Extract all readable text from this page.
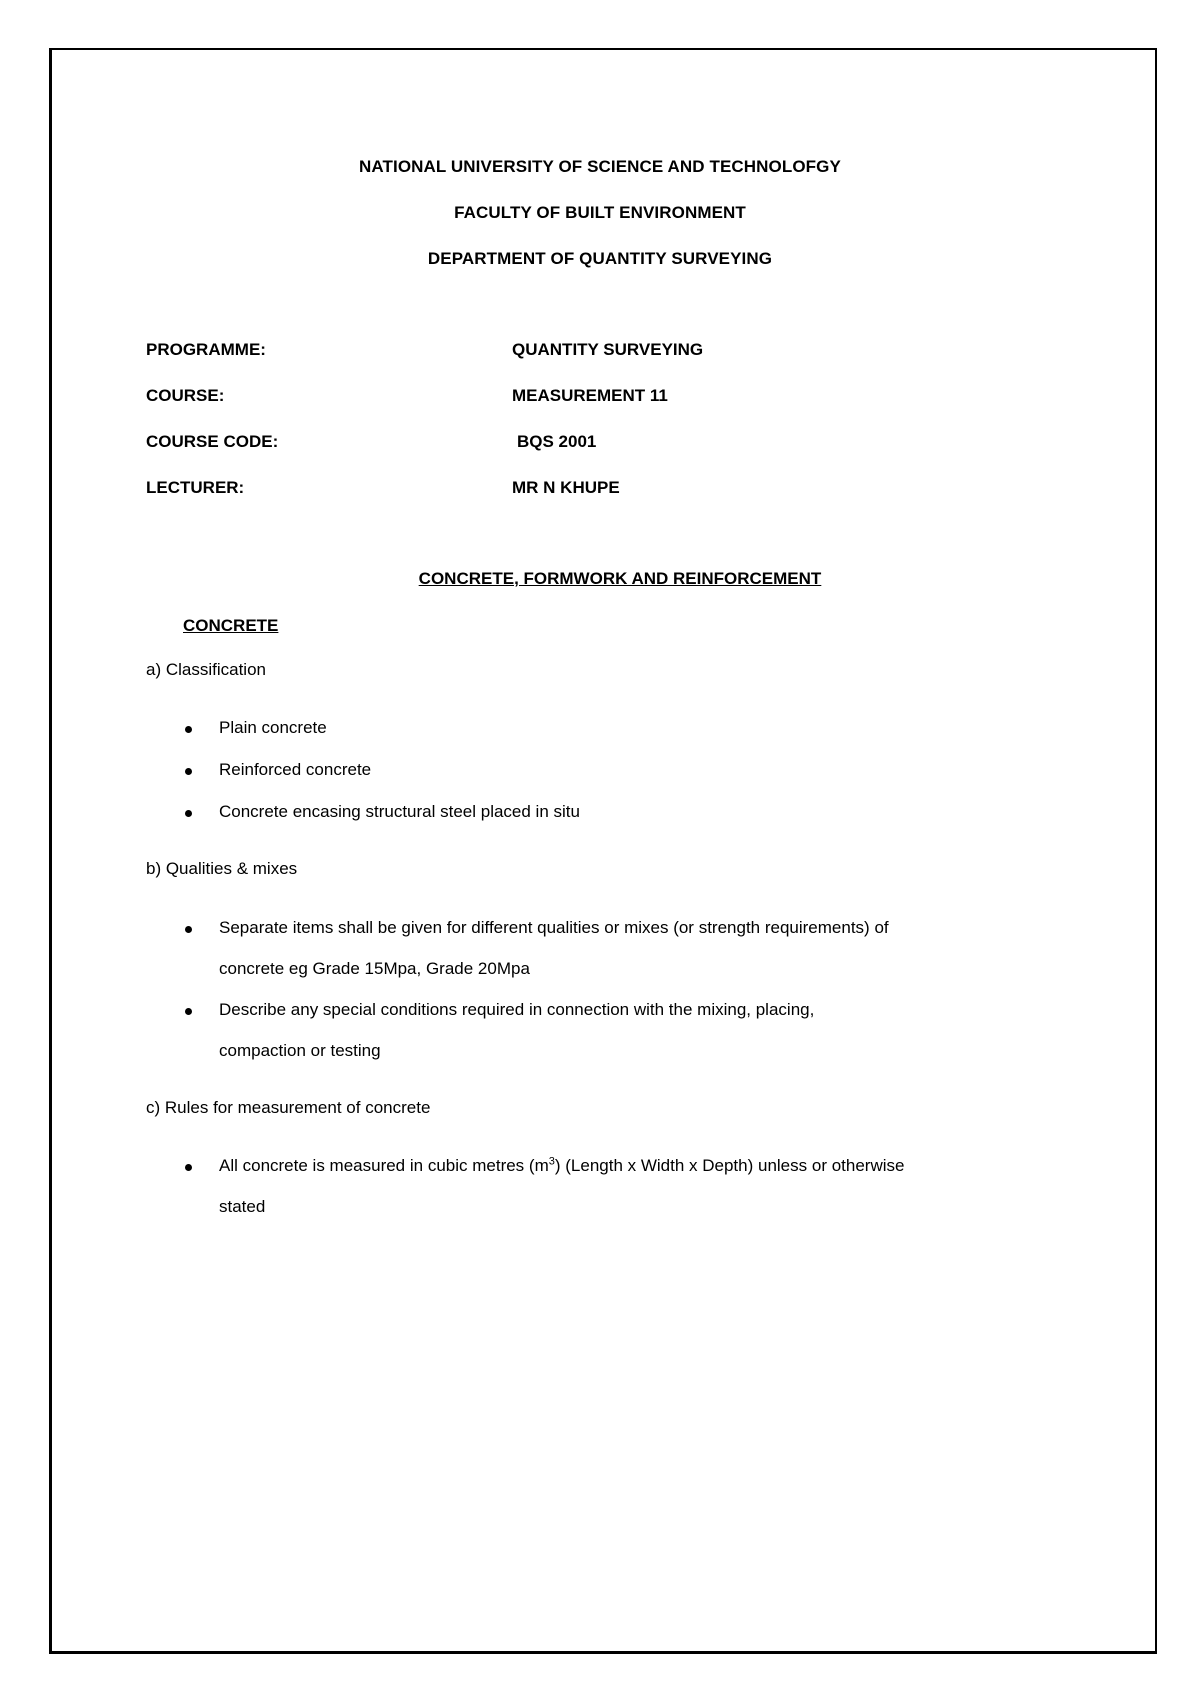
NATIONAL UNIVERSITY OF SCIENCE AND TECHNOLOFGY
FACULTY OF BUILT ENVIRONMENT
DEPARTMENT OF QUANTITY SURVEYING
PROGRAMME:	QUANTITY SURVEYING
COURSE:	MEASUREMENT 11
COURSE CODE:	BQS 2001
LECTURER:	MR N KHUPE
CONCRETE, FORMWORK AND REINFORCEMENT
CONCRETE
a) Classification
Plain concrete
Reinforced concrete
Concrete encasing structural steel placed in situ
b) Qualities & mixes
Separate items shall be given for different qualities or mixes (or strength requirements) of
concrete eg Grade 15Mpa, Grade 20Mpa
Describe any special conditions required in connection with the mixing, placing,
compaction or testing
c) Rules for measurement of concrete
All concrete is measured in cubic metres $(m^3)$ (Length x Width x Depth) unless or otherwise
stated
